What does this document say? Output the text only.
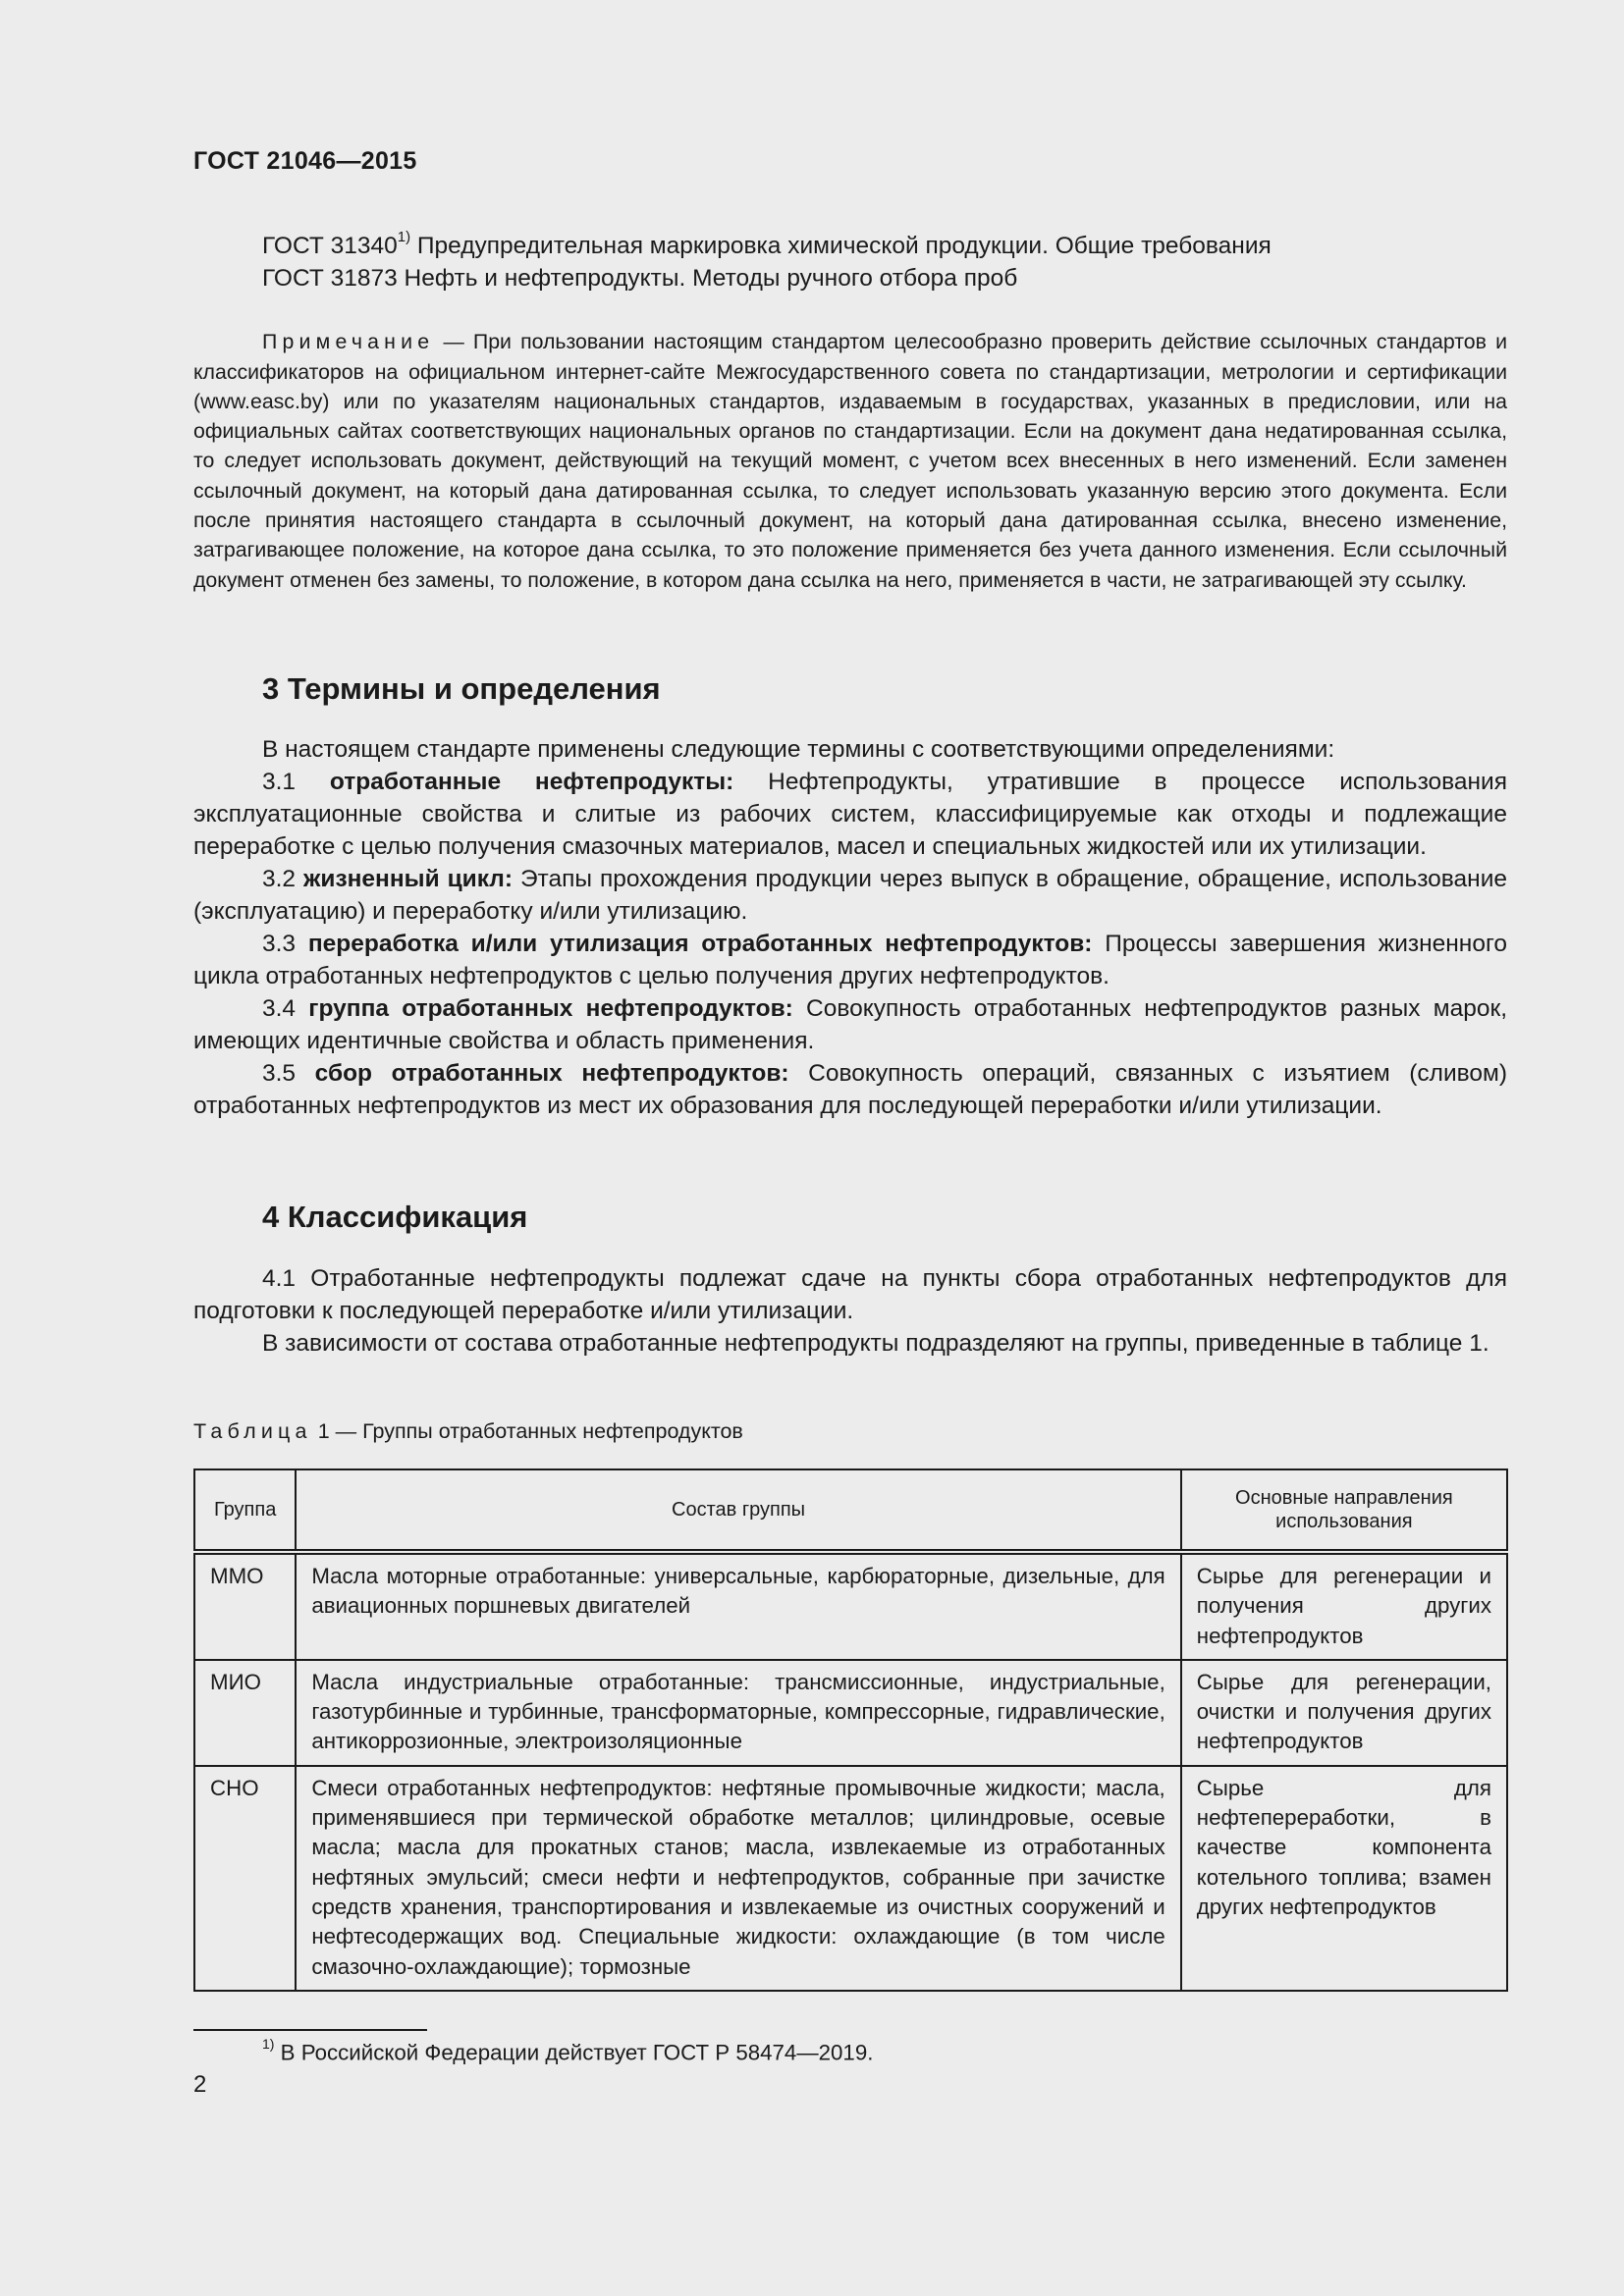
ГОСТ 21046—2015
ГОСТ 31340$^{1)}$ Предупредительная маркировка химической продукции. Общие требования
ГОСТ 31873 Нефть и нефтепродукты. Методы ручного отбора проб

Примечание — При пользовании настоящим стандартом целесообразно проверить действие ссылочных стандартов и классификаторов на официальном интернет-сайте Межгосударственного совета по стандартизации, метрологии и сертификации (www.easc.by) или по указателям национальных стандартов, издаваемым в государствах, указанных в предисловии, или на официальных сайтах соответствующих национальных органов по стандартизации. Если на документ дана недатированная ссылка, то следует использовать документ, действующий на текущий момент, с учетом всех внесенных в него изменений. Если заменен ссылочный документ, на который дана датированная ссылка, то следует использовать указанную версию этого документа. Если после принятия настоящего стандарта в ссылочный документ, на который дана датированная ссылка, внесено изменение, затрагивающее положение, на которое дана ссылка, то это положение применяется без учета данного изменения. Если ссылочный документ отменен без замены, то положение, в котором дана ссылка на него, применяется в части, не затрагивающей эту ссылку.

3 Термины и определения

В настоящем стандарте применены следующие термины с соответствующими определениями:

3.1 отработанные нефтепродукты: Нефтепродукты, утратившие в процессе использования эксплуатационные свойства и слитые из рабочих систем, классифицируемые как отходы и подлежащие переработке с целью получения смазочных материалов, масел и специальных жидкостей или их утилизации.

3.2 жизненный цикл: Этапы прохождения продукции через выпуск в обращение, обращение, использование (эксплуатацию) и переработку и/или утилизацию.

3.3 переработка и/или утилизация отработанных нефтепродуктов: Процессы завершения жизненного цикла отработанных нефтепродуктов с целью получения других нефтепродуктов.

3.4 группа отработанных нефтепродуктов: Совокупность отработанных нефтепродуктов разных марок, имеющих идентичные свойства и область применения.

3.5 сбор отработанных нефтепродуктов: Совокупность операций, связанных с изъятием (сливом) отработанных нефтепродуктов из мест их образования для последующей переработки и/или утилизации.

4 Классификация

4.1 Отработанные нефтепродукты подлежат сдаче на пункты сбора отработанных нефтепродуктов для подготовки к последующей переработке и/или утилизации.

В зависимости от состава отработанные нефтепродукты подразделяют на группы, приведенные в таблице 1.

Таблица 1 — Группы отработанных нефтепродуктов
Группа	Состав группы	Основные направления использования
ММО	Масла моторные отработанные: универсальные, карбюраторные, дизельные, для авиационных поршневых двигателей	Сырье для регенерации и получения других нефтепродуктов
МИО	Масла индустриальные отработанные: трансмиссионные, индустриальные, газотурбинные и турбинные, трансформаторные, компрессорные, гидравлические, антикоррозионные, электроизоляционные	Сырье для регенерации, очистки и получения других нефтепродуктов
СНО	Смеси отработанных нефтепродуктов: нефтяные промывочные жидкости; масла, применявшиеся при термической обработке металлов; цилиндровые, осевые масла; масла для прокатных станов; масла, извлекаемые из отработанных нефтяных эмульсий; смеси нефти и нефтепродуктов, собранные при зачистке средств хранения, транспортирования и извлекаемые из очистных сооружений и нефтесодержащих вод. Специальные жидкости: охлаждающие (в том числе смазочно-охлаждающие); тормозные	Сырье для нефтепереработки, в качестве компонента котельного топлива; взамен других нефтепродуктов
$^{1)}$ В Российской Федерации действует ГОСТ Р 58474—2019.
2
